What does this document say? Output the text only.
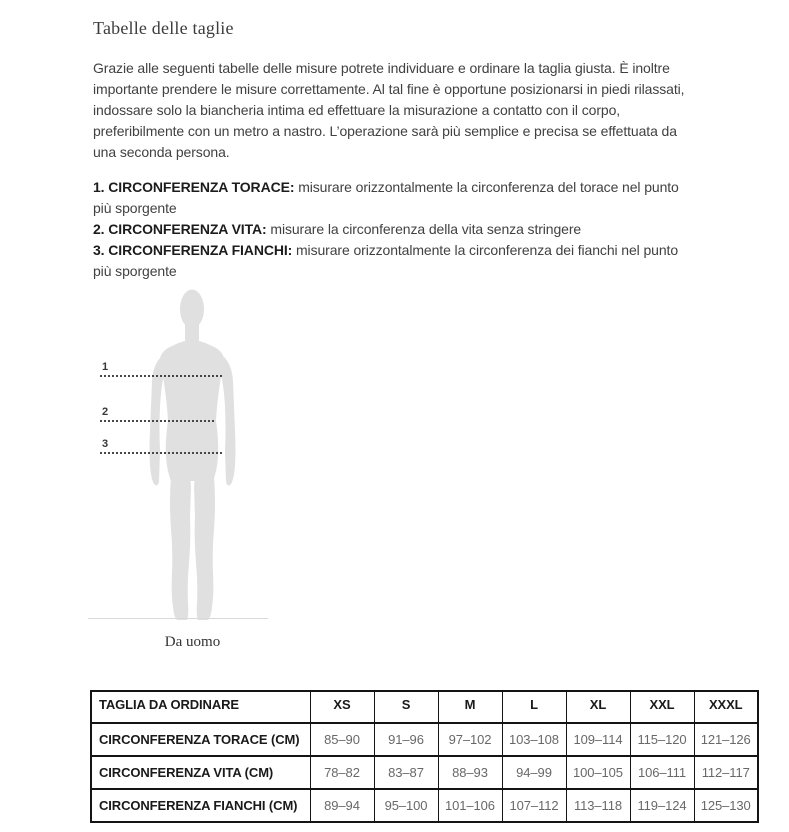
Tabelle delle taglie

Grazie alle seguenti tabelle delle misure potrete individuare e ordinare la taglia giusta. È inoltre importante prendere le misure correttamente. Al tal fine è opportune posizionarsi in piedi rilassati, indossare solo la biancheria intima ed effettuare la misurazione a contatto con il corpo, preferibilmente con un metro a nastro. L’operazione sarà più semplice e precisa se effettuata da una seconda persona.

1. CIRCONFERENZA TORACE: misurare orizzontalmente la circonferenza del torace nel punto più sporgente
2. CIRCONFERENZA VITA: misurare la circonferenza della vita senza stringere
3. CIRCONFERENZA FIANCHI: misurare orizzontalmente la circonferenza dei fianchi nel punto più sporgente
1
2
3
Da uomo
TAGLIA DA ORDINARE	XS	S	M	L	XL	XXL	XXXL
CIRCONFERENZA TORACE (CM)	85–90	91–96	97–102	103–108	109–114	115–120	121–126
CIRCONFERENZA VITA (CM)	78–82	83–87	88–93	94–99	100–105	106–111	112–117
CIRCONFERENZA FIANCHI (CM)	89–94	95–100	101–106	107–112	113–118	119–124	125–130
